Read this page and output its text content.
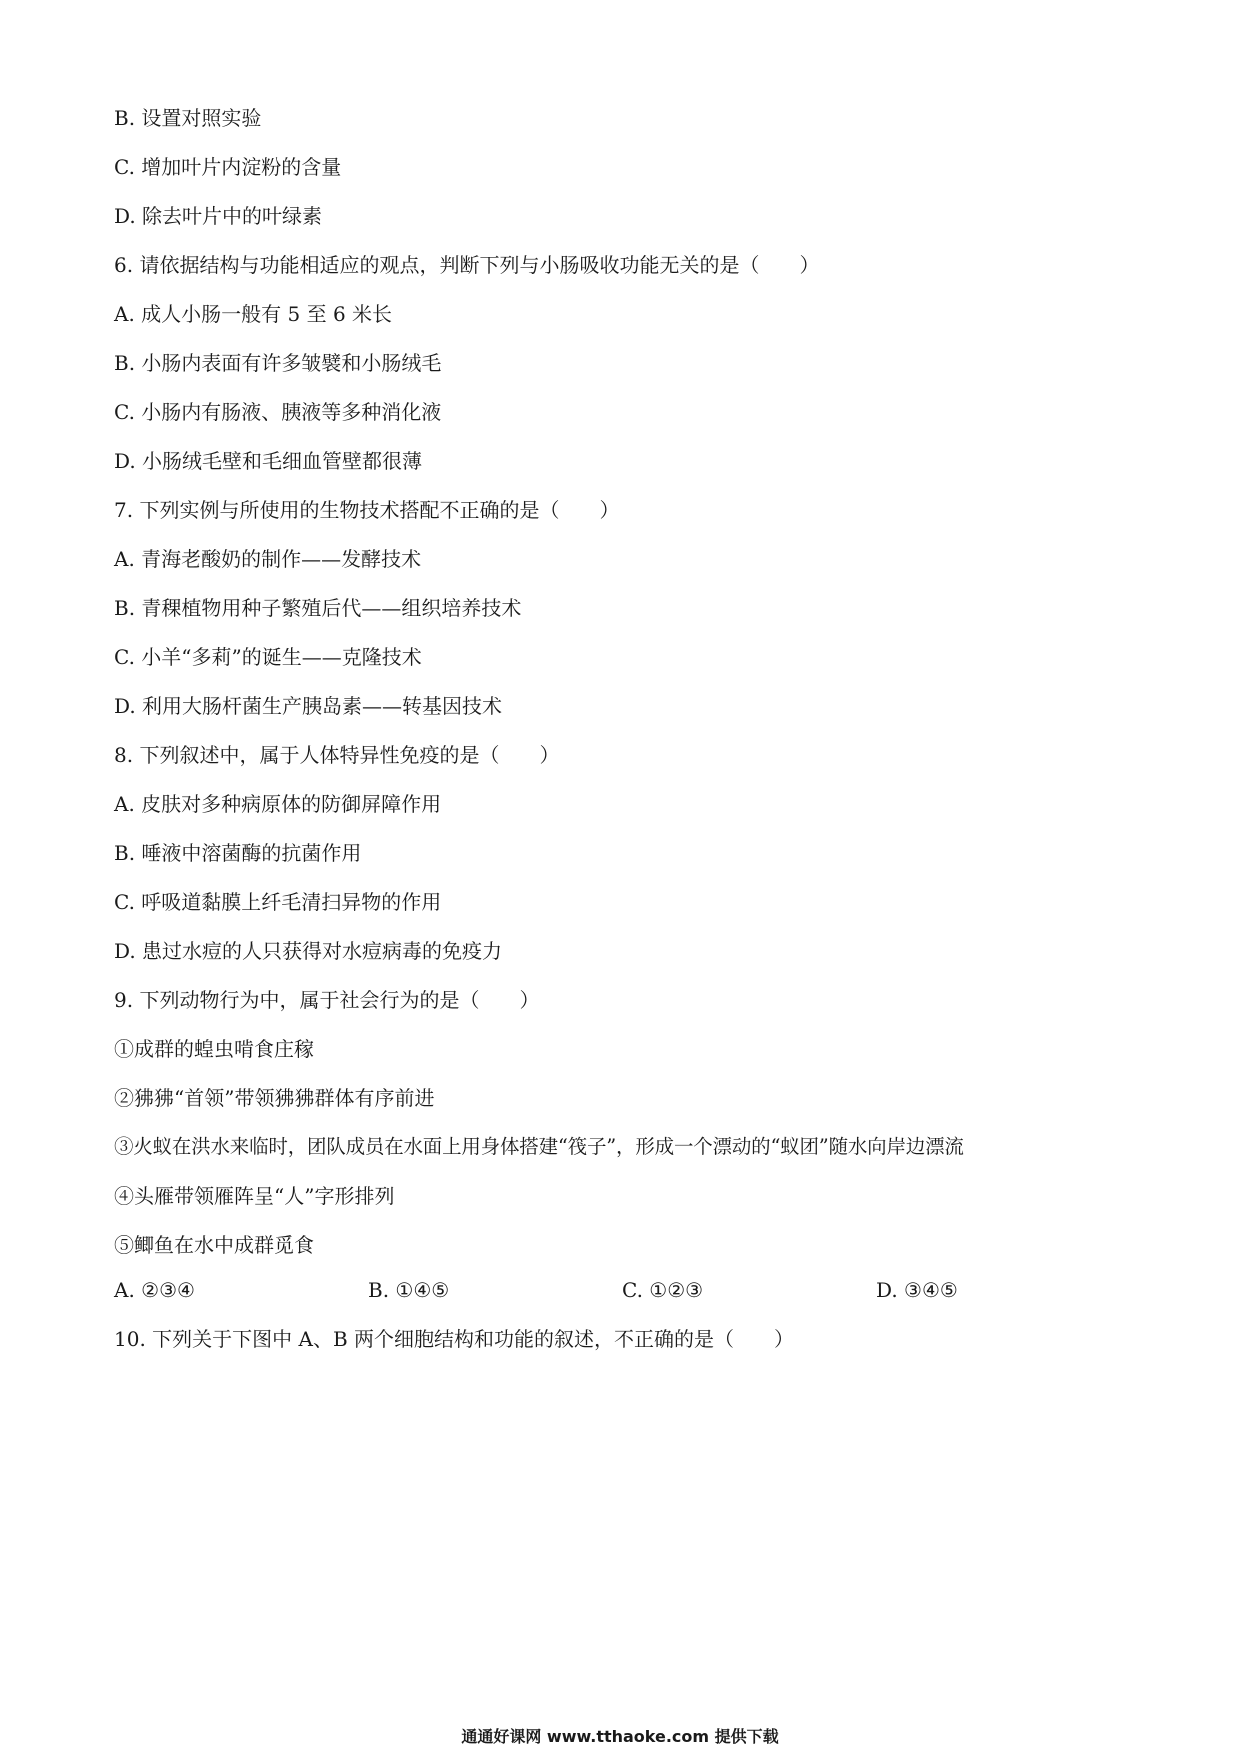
B. 设置对照实验
C. 增加叶片内淀粉的含量
D. 除去叶片中的叶绿素
6. 请依据结构与功能相适应的观点，判断下列与小肠吸收功能无关的是（　　）
A. 成人小肠一般有 5 至 6 米长
B. 小肠内表面有许多皱襞和小肠绒毛
C. 小肠内有肠液、胰液等多种消化液
D. 小肠绒毛壁和毛细血管壁都很薄
7. 下列实例与所使用的生物技术搭配不正确的是（　　）
A. 青海老酸奶的制作——发酵技术
B. 青稞植物用种子繁殖后代——组织培养技术
C. 小羊“多莉”的诞生——克隆技术
D. 利用大肠杆菌生产胰岛素——转基因技术
8. 下列叙述中，属于人体特异性免疫的是（　　）
A. 皮肤对多种病原体的防御屏障作用
B. 唾液中溶菌酶的抗菌作用
C. 呼吸道黏膜上纤毛清扫异物的作用
D. 患过水痘的人只获得对水痘病毒的免疫力
9. 下列动物行为中，属于社会行为的是（　　）
①成群的蝗虫啃食庄稼
②狒狒“首领”带领狒狒群体有序前进
③火蚁在洪水来临时，团队成员在水面上用身体搭建“筏子”，形成一个漂动的“蚁团”随水向岸边漂流
④头雁带领雁阵呈“人”字形排列
⑤鲫鱼在水中成群觅食
A. ②③④	B. ①④⑤	C. ①②③	D. ③④⑤
10. 下列关于下图中 A、B 两个细胞结构和功能的叙述，不正确的是（　　）
通通好课网 www.tthaoke.com 提供下载
